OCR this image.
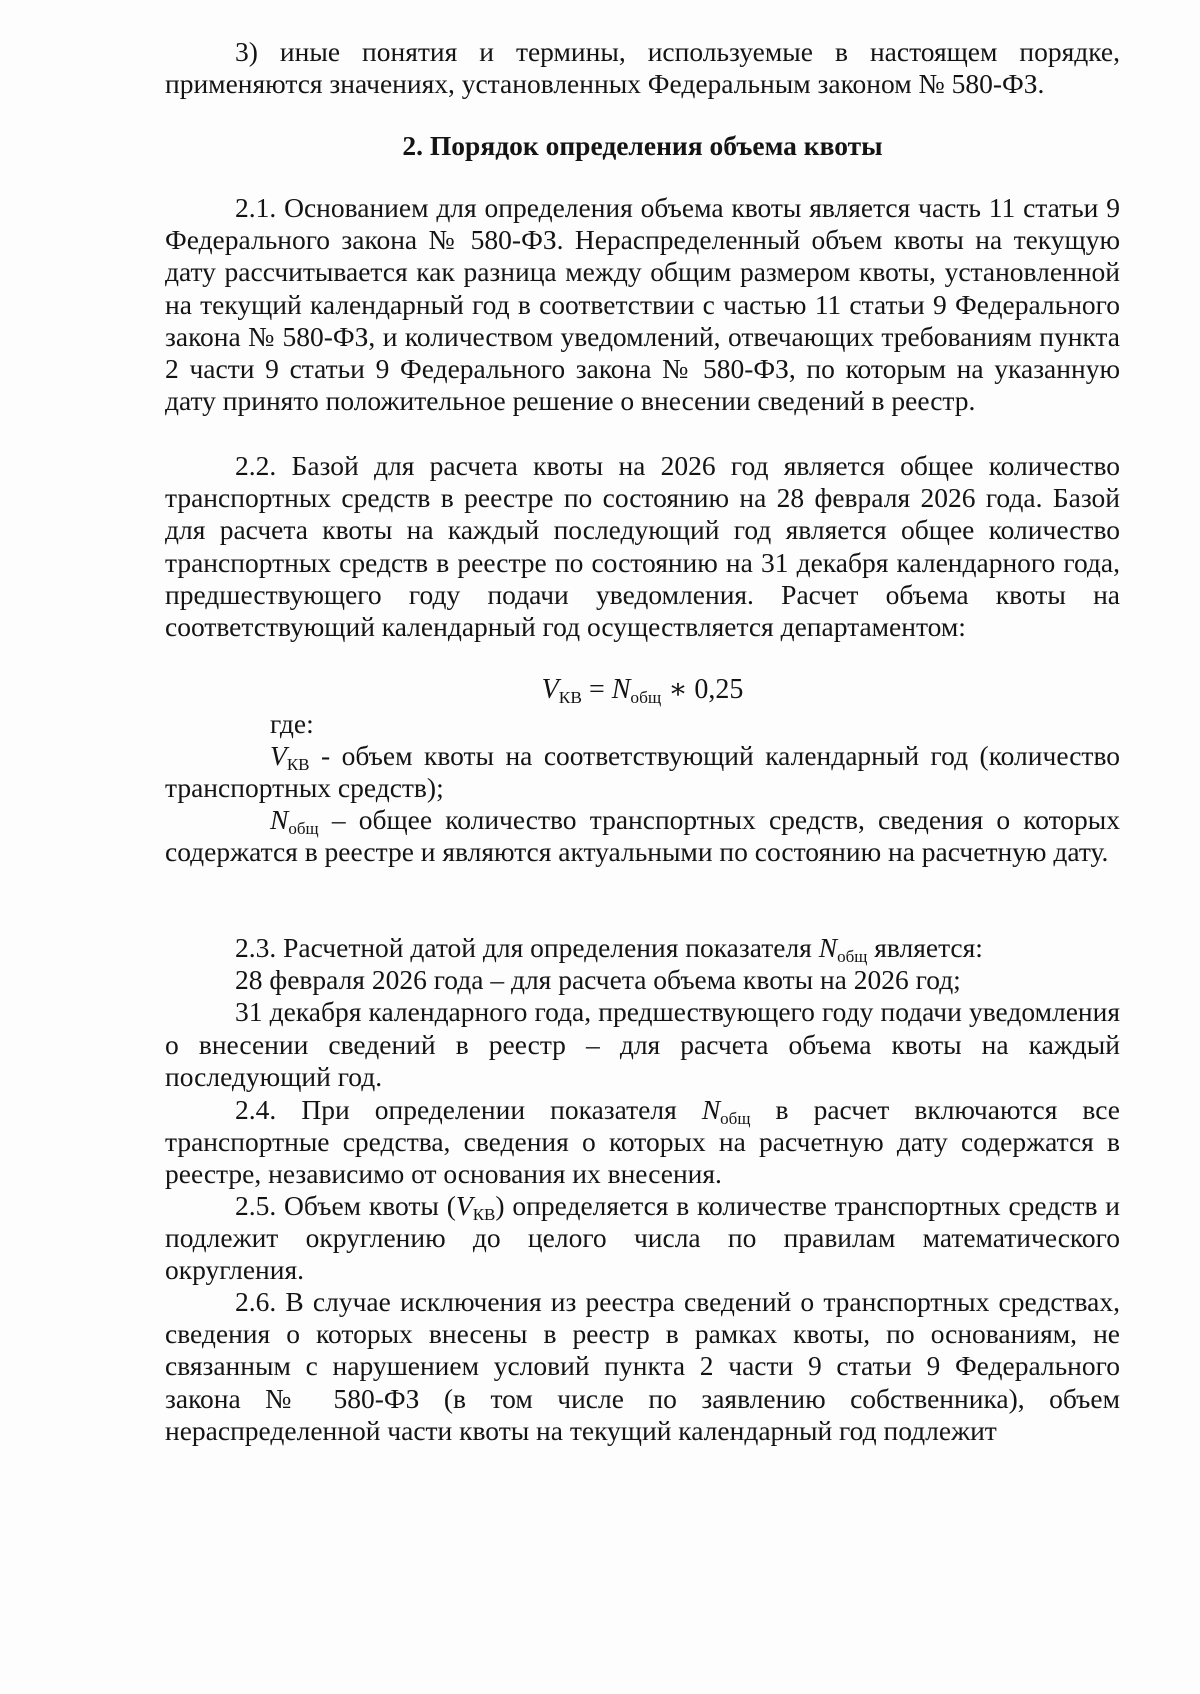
3) иные понятия и термины, используемые в настоящем порядке, применяются значениях, установленных Федеральным законом № 580-ФЗ.

2. Порядок определения объема квоты

2.1. Основанием для определения объема квоты является часть 11 статьи 9 Федерального закона № 580-ФЗ. Нераспределенный объем квоты на текущую дату рассчитывается как разница между общим размером квоты, установленной на текущий календарный год в соответствии с частью 11 статьи 9 Федерального закона № 580-ФЗ, и количеством уведомлений, отвечающих требованиям пункта 2 части 9 статьи 9 Федерального закона № 580-ФЗ, по которым на указанную дату принято положительное решение о внесении сведений в реестр.

2.2. Базой для расчета квоты на 2026 год является общее количество транспортных средств в реестре по состоянию на 28 февраля 2026 года. Базой для расчета квоты на каждый последующий год является общее количество транспортных средств в реестре по состоянию на 31 декабря календарного года, предшествующего году подачи уведомления. Расчет объема квоты на соответствующий календарный год осуществляется департаментом:

$V_{КВ} = N_{общ}$ ∗ 0,25

где:

$V_{КВ}$ - объем квоты на соответствующий календарный год (количество транспортных средств);

$N_{общ}$ – общее количество транспортных средств, сведения о которых содержатся в реестре и являются актуальными по состоянию на расчетную дату.

2.3. Расчетной датой для определения показателя $N_{общ}$ является:

28 февраля 2026 года – для расчета объема квоты на 2026 год;

31 декабря календарного года, предшествующего году подачи уведомления о внесении сведений в реестр – для расчета объема квоты на каждый последующий год.

2.4. При определении показателя $N_{общ}$ в расчет включаются все транспортные средства, сведения о которых на расчетную дату содержатся в реестре, независимо от основания их внесения.

2.5. Объем квоты $(V_{КВ})$ определяется в количестве транспортных средств и подлежит округлению до целого числа по правилам математического округления.

2.6. В случае исключения из реестра сведений о транспортных средствах, сведения о которых внесены в реестр в рамках квоты, по основаниям, не связанным с нарушением условий пункта 2 части 9 статьи 9 Федерального закона № 580-ФЗ (в том числе по заявлению собственника), объем нераспределенной части квоты на текущий календарный год подлежит
